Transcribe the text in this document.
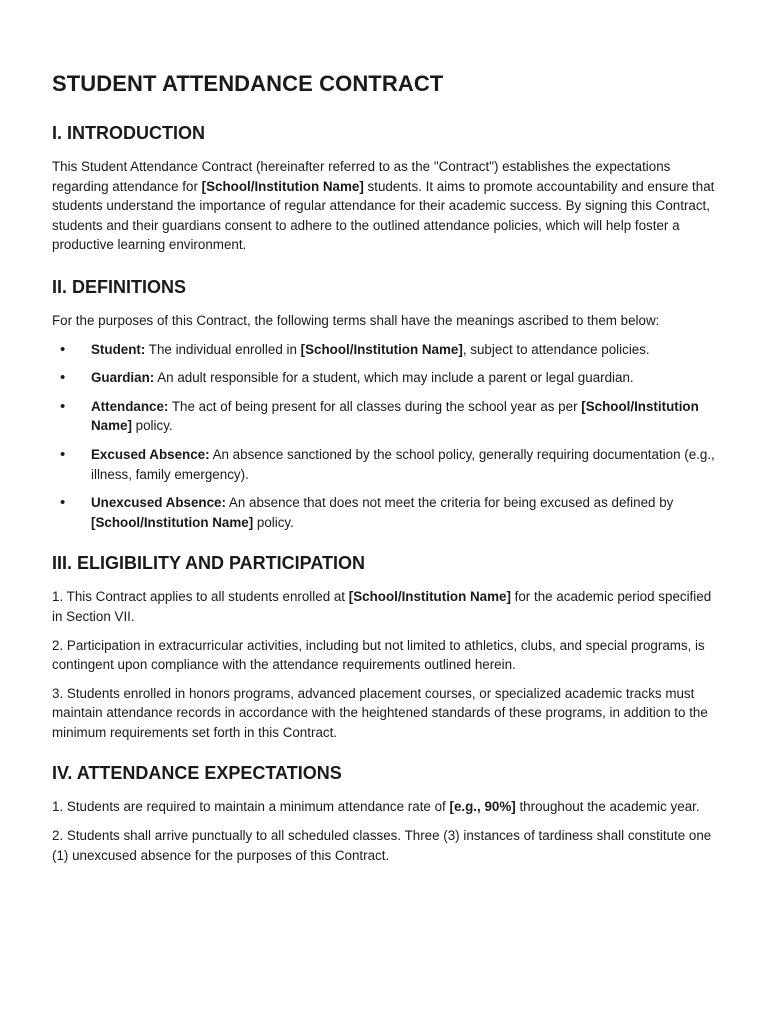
STUDENT ATTENDANCE CONTRACT
I. INTRODUCTION

This Student Attendance Contract (hereinafter referred to as the "Contract") establishes the expectations regarding attendance for [School/Institution Name] students. It aims to promote accountability and ensure that students understand the importance of regular attendance for their academic success. By signing this Contract, students and their guardians consent to adhere to the outlined attendance policies, which will help foster a productive learning environment.

II. DEFINITIONS

For the purposes of this Contract, the following terms shall have the meanings ascribed to them below:

• Student: The individual enrolled in [School/Institution Name], subject to attendance policies.
• Guardian: An adult responsible for a student, which may include a parent or legal guardian.
• Attendance: The act of being present for all classes during the school year as per [School/Institution Name] policy.
• Excused Absence: An absence sanctioned by the school policy, generally requiring documentation (e.g., illness, family emergency).
• Unexcused Absence: An absence that does not meet the criteria for being excused as defined by [School/Institution Name] policy.
III. ELIGIBILITY AND PARTICIPATION

1. This Contract applies to all students enrolled at [School/Institution Name] for the academic period specified in Section VII.

2. Participation in extracurricular activities, including but not limited to athletics, clubs, and special programs, is contingent upon compliance with the attendance requirements outlined herein.

3. Students enrolled in honors programs, advanced placement courses, or specialized academic tracks must maintain attendance records in accordance with the heightened standards of these programs, in addition to the minimum requirements set forth in this Contract.

IV. ATTENDANCE EXPECTATIONS

1. Students are required to maintain a minimum attendance rate of [e.g., 90%] throughout the academic year.

2. Students shall arrive punctually to all scheduled classes. Three (3) instances of tardiness shall constitute one (1) unexcused absence for the purposes of this Contract.
